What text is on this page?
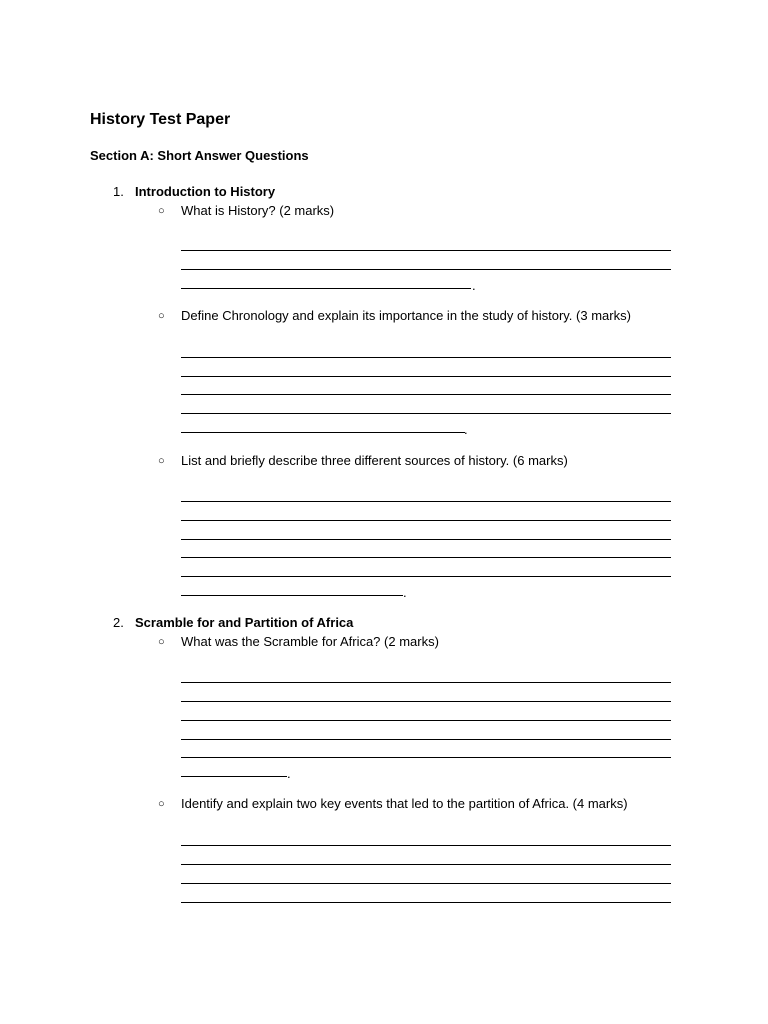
History Test Paper
Section A: Short Answer Questions
1. Introduction to History
○ What is History? (2 marks)
.
○ Define Chronology and explain its importance in the study of history. (3 marks)
.
○ List and briefly describe three different sources of history. (6 marks)
.
2. Scramble for and Partition of Africa
○ What was the Scramble for Africa? (2 marks)
.
○ Identify and explain two key events that led to the partition of Africa. (4 marks)
